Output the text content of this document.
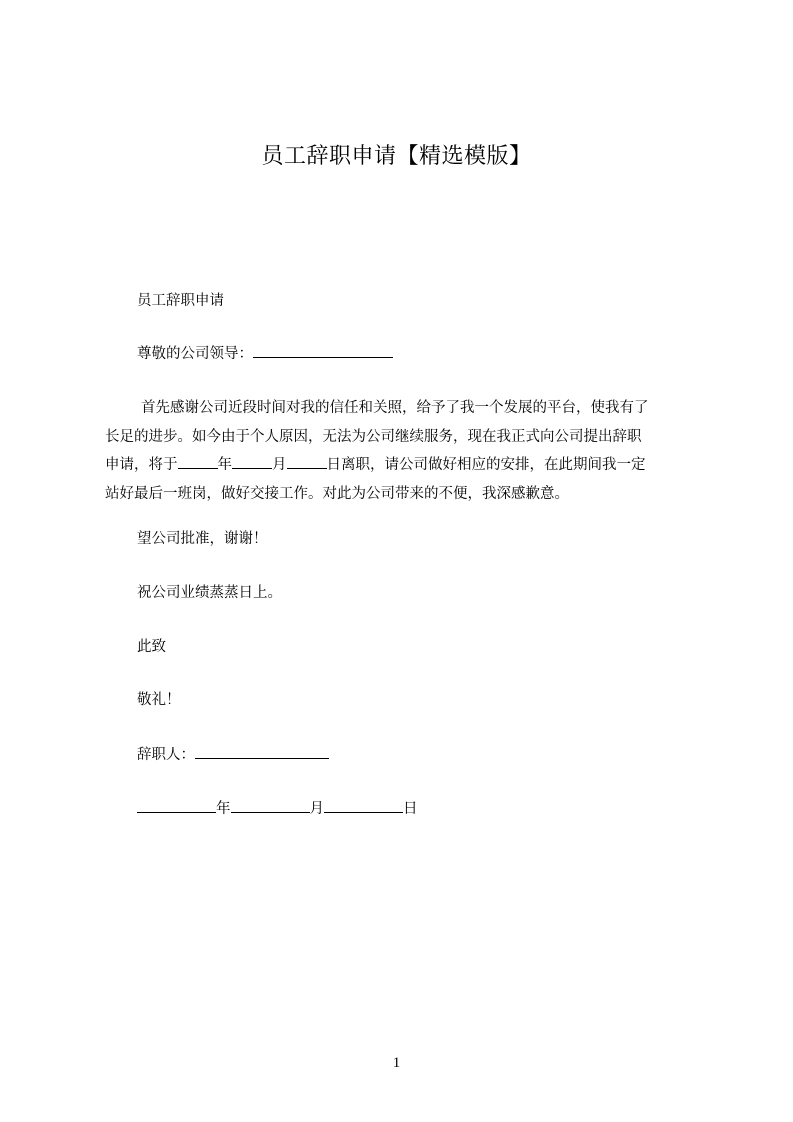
员工辞职申请【精选模版】
员工辞职申请
尊敬的公司领导：
首先感谢公司近段时间对我的信任和关照，给予了我一个发展的平台，使我有了
长足的进步。如今由于个人原因，无法为公司继续服务，现在我正式向公司提出辞职
申请，将于	年	月	日离职，请公司做好相应的安排，在此期间我一定
站好最后一班岗，做好交接工作。对此为公司带来的不便，我深感歉意。
望公司批准，谢谢！
祝公司业绩蒸蒸日上。
此致
敬礼！
辞职人：
年	月	日
1
